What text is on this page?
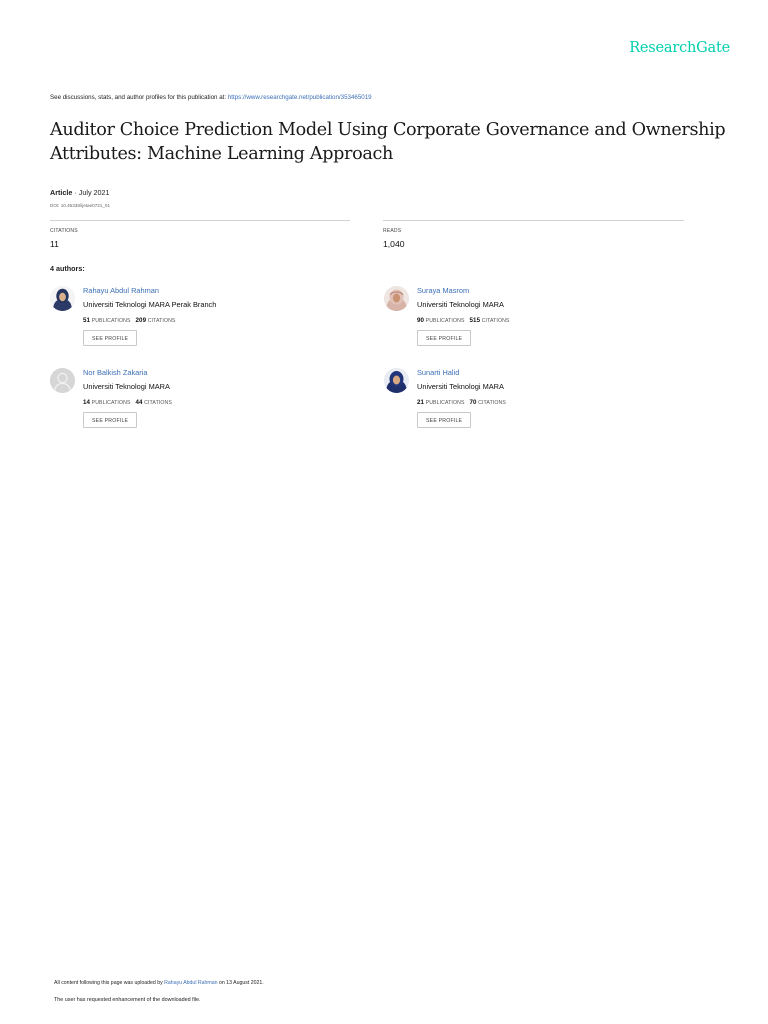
ResearchGate
See discussions, stats, and author profiles for this publication at: https://www.researchgate.net/publication/353465019
Auditor Choice Prediction Model Using Corporate Governance and Ownership
Attributes: Machine Learning Approach
Article · July 2021
DOI: 10.46338/ijetae0721_01
CITATIONS
11
READS
1,040
4 authors:
Rahayu Abdul Rahman
Universiti Teknologi MARA Perak Branch
51 PUBLICATIONS 209 CITATIONS
SEE PROFILE
Suraya Masrom
Universiti Teknologi MARA
90 PUBLICATIONS 515 CITATIONS
SEE PROFILE
Nor Balkish Zakaria
Universiti Teknologi MARA
14 PUBLICATIONS 44 CITATIONS
SEE PROFILE
Sunarti Halid
Universiti Teknologi MARA
21 PUBLICATIONS 70 CITATIONS
SEE PROFILE
All content following this page was uploaded by Rahayu Abdul Rahman on 13 August 2021.
The user has requested enhancement of the downloaded file.
